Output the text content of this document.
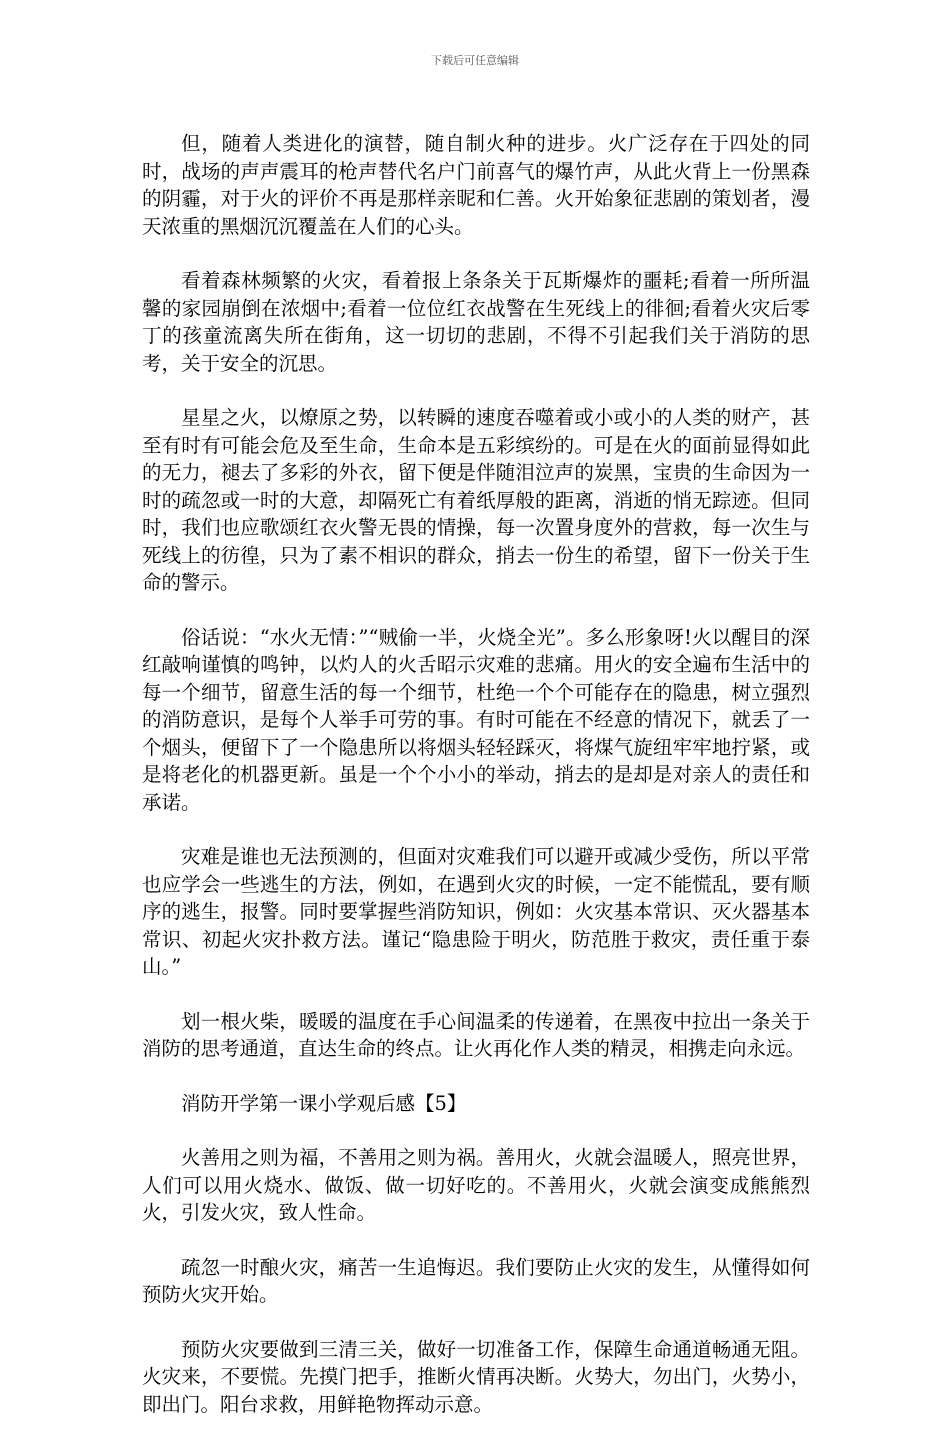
下载后可任意编辑

但，随着人类进化的演替，随自制火种的进步。火广泛存在于四处的同时，战场的声声震耳的枪声替代名户门前喜气的爆竹声，从此火背上一份黑森的阴霾，对于火的评价不再是那样亲昵和仁善。火开始象征悲剧的策划者，漫天浓重的黑烟沉沉覆盖在人们的心头。

看着森林频繁的火灾，看着报上条条关于瓦斯爆炸的噩耗;看着一所所温馨的家园崩倒在浓烟中;看着一位位红衣战警在生死线上的徘徊;看着火灾后零丁的孩童流离失所在街角，这一切切的悲剧，不得不引起我们关于消防的思考，关于安全的沉思。

星星之火，以燎原之势，以转瞬的速度吞噬着或小或小的人类的财产，甚至有时有可能会危及至生命，生命本是五彩缤纷的。可是在火的面前显得如此的无力，褪去了多彩的外衣，留下便是伴随泪泣声的炭黑，宝贵的生命因为一时的疏忽或一时的大意，却隔死亡有着纸厚般的距离，消逝的悄无踪迹。但同时，我们也应歌颂红衣火警无畏的情操，每一次置身度外的营救，每一次生与死线上的彷徨，只为了素不相识的群众，捎去一份生的希望，留下一份关于生命的警示。

俗话说：“水火无情：”“贼偷一半，火烧全光”。多么形象呀!火以醒目的深红敲响谨慎的鸣钟，以灼人的火舌昭示灾难的悲痛。用火的安全遍布生活中的每一个细节，留意生活的每一个细节，杜绝一个个可能存在的隐患，树立强烈的消防意识，是每个人举手可劳的事。有时可能在不经意的情况下，就丢了一个烟头，便留下了一个隐患所以将烟头轻轻踩灭，将煤气旋纽牢牢地拧紧，或是将老化的机器更新。虽是一个个小小的举动，捎去的是却是对亲人的责任和承诺。

灾难是谁也无法预测的，但面对灾难我们可以避开或减少受伤，所以平常也应学会一些逃生的方法，例如，在遇到火灾的时候，一定不能慌乱，要有顺序的逃生，报警。同时要掌握些消防知识，例如：火灾基本常识、灭火器基本常识、初起火灾扑救方法。谨记“隐患险于明火，防范胜于救灾，责任重于泰山。”

划一根火柴，暖暖的温度在手心间温柔的传递着，在黑夜中拉出一条关于消防的思考通道，直达生命的终点。让火再化作人类的精灵，相携走向永远。

消防开学第一课小学观后感【5】

火善用之则为福，不善用之则为祸。善用火，火就会温暖人，照亮世界，人们可以用火烧水、做饭、做一切好吃的。不善用火，火就会演变成熊熊烈火，引发火灾，致人性命。

疏忽一时酿火灾，痛苦一生追悔迟。我们要防止火灾的发生，从懂得如何预防火灾开始。

预防火灾要做到三清三关，做好一切准备工作，保障生命通道畅通无阻。火灾来，不要慌。先摸门把手，推断火情再决断。火势大，勿出门，火势小，即出门。阳台求救，用鲜艳物挥动示意。
